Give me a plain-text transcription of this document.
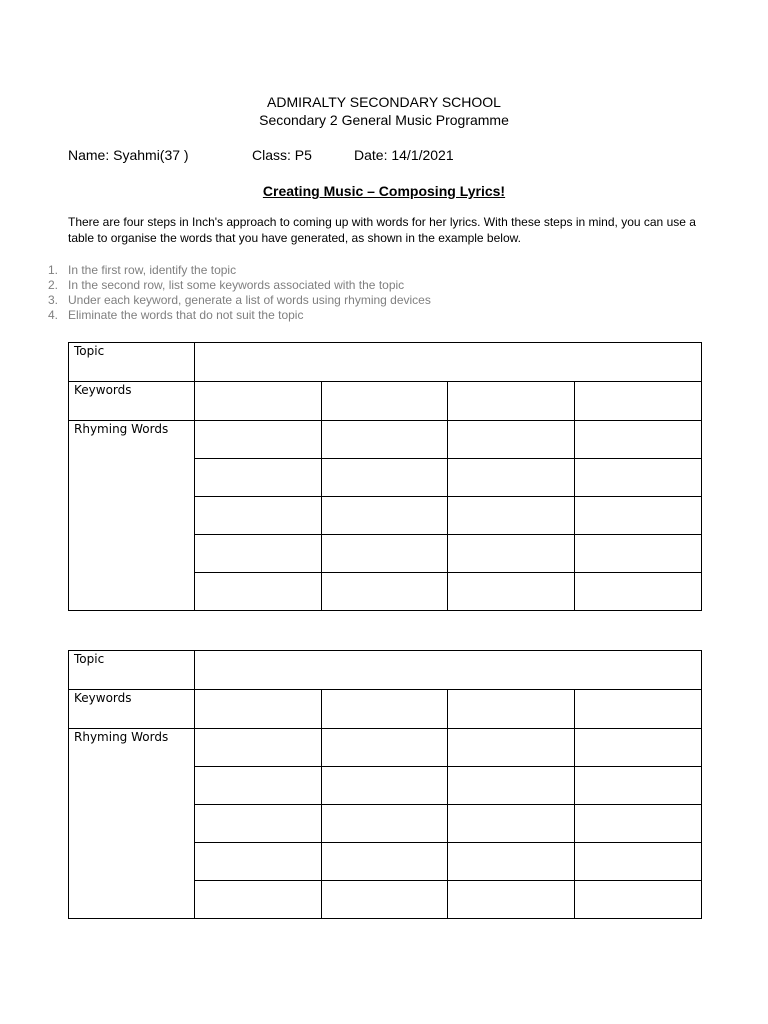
ADMIRALTY SECONDARY SCHOOL
Secondary 2 General Music Programme
Name: Syahmi(37 )	Class: P5	Date: 14/1/2021
Creating Music – Composing Lyrics!
There are four steps in Inch's approach to coming up with words for her lyrics. With these steps in mind, you can use a table to organise the words that you have generated, as shown in the example below.
1. In the first row, identify the topic
2. In the second row, list some keywords associated with the topic
3. Under each keyword, generate a list of words using rhyming devices
4. Eliminate the words that do not suit the topic
Topic				
Keywords				
Rhyming Words				

Topic				
Keywords				
Rhyming Words				
